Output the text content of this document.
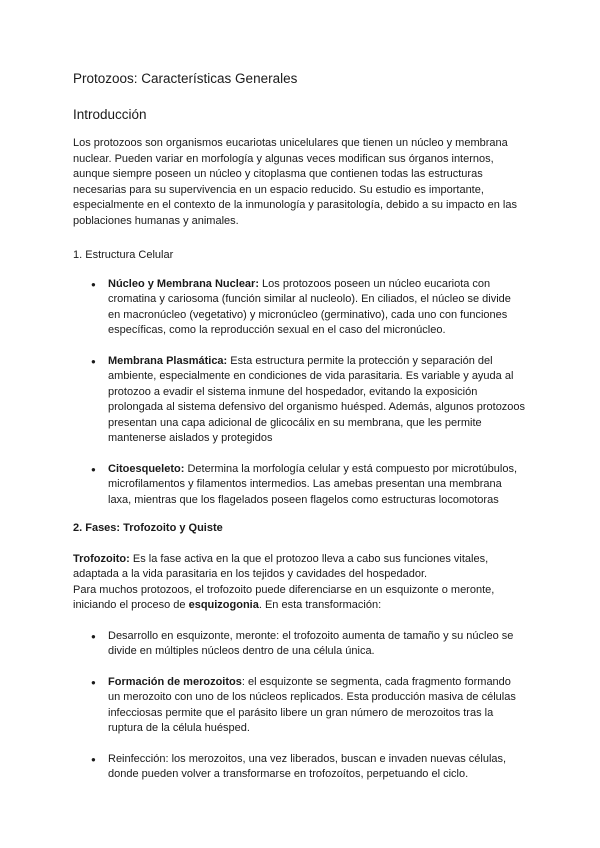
Protozoos: Características Generales
Introducción

Los protozoos son organismos eucariotas unicelulares que tienen un núcleo y membrana nuclear. Pueden variar en morfología y algunas veces modifican sus órganos internos, aunque siempre poseen un núcleo y citoplasma que contienen todas las estructuras necesarias para su supervivencia en un espacio reducido. Su estudio es importante, especialmente en el contexto de la inmunología y parasitología, debido a su impacto en las poblaciones humanas y animales.

1. Estructura Celular

● Núcleo y Membrana Nuclear: Los protozoos poseen un núcleo eucariota con cromatina y cariosoma (función similar al nucleolo). En ciliados, el núcleo se divide en macronúcleo (vegetativo) y micronúcleo (germinativo), cada uno con funciones específicas, como la reproducción sexual en el caso del micronúcleo.
● Membrana Plasmática: Esta estructura permite la protección y separación del ambiente, especialmente en condiciones de vida parasitaria. Es variable y ayuda al protozoo a evadir el sistema inmune del hospedador, evitando la exposición prolongada al sistema defensivo del organismo huésped. Además, algunos protozoos presentan una capa adicional de glicocálix en su membrana, que les permite mantenerse aislados y protegidos
● Citoesqueleto: Determina la morfología celular y está compuesto por microtúbulos, microfilamentos y filamentos intermedios. Las amebas presentan una membrana laxa, mientras que los flagelados poseen flagelos como estructuras locomotoras

2. Fases: Trofozoito y Quiste

Trofozoito: Es la fase activa en la que el protozoo lleva a cabo sus funciones vitales, adaptada a la vida parasitaria en los tejidos y cavidades del hospedador.
Para muchos protozoos, el trofozoito puede diferenciarse en un esquizonte o meronte, iniciando el proceso de esquizogonia. En esta transformación:

● Desarrollo en esquizonte, meronte: el trofozoito aumenta de tamaño y su núcleo se divide en múltiples núcleos dentro de una célula única.
● Formación de merozoitos: el esquizonte se segmenta, cada fragmento formando un merozoito con uno de los núcleos replicados. Esta producción masiva de células infecciosas permite que el parásito libere un gran número de merozoitos tras la ruptura de la célula huésped.
● Reinfección: los merozoitos, una vez liberados, buscan e invaden nuevas células, donde pueden volver a transformarse en trofozoítos, perpetuando el ciclo.
